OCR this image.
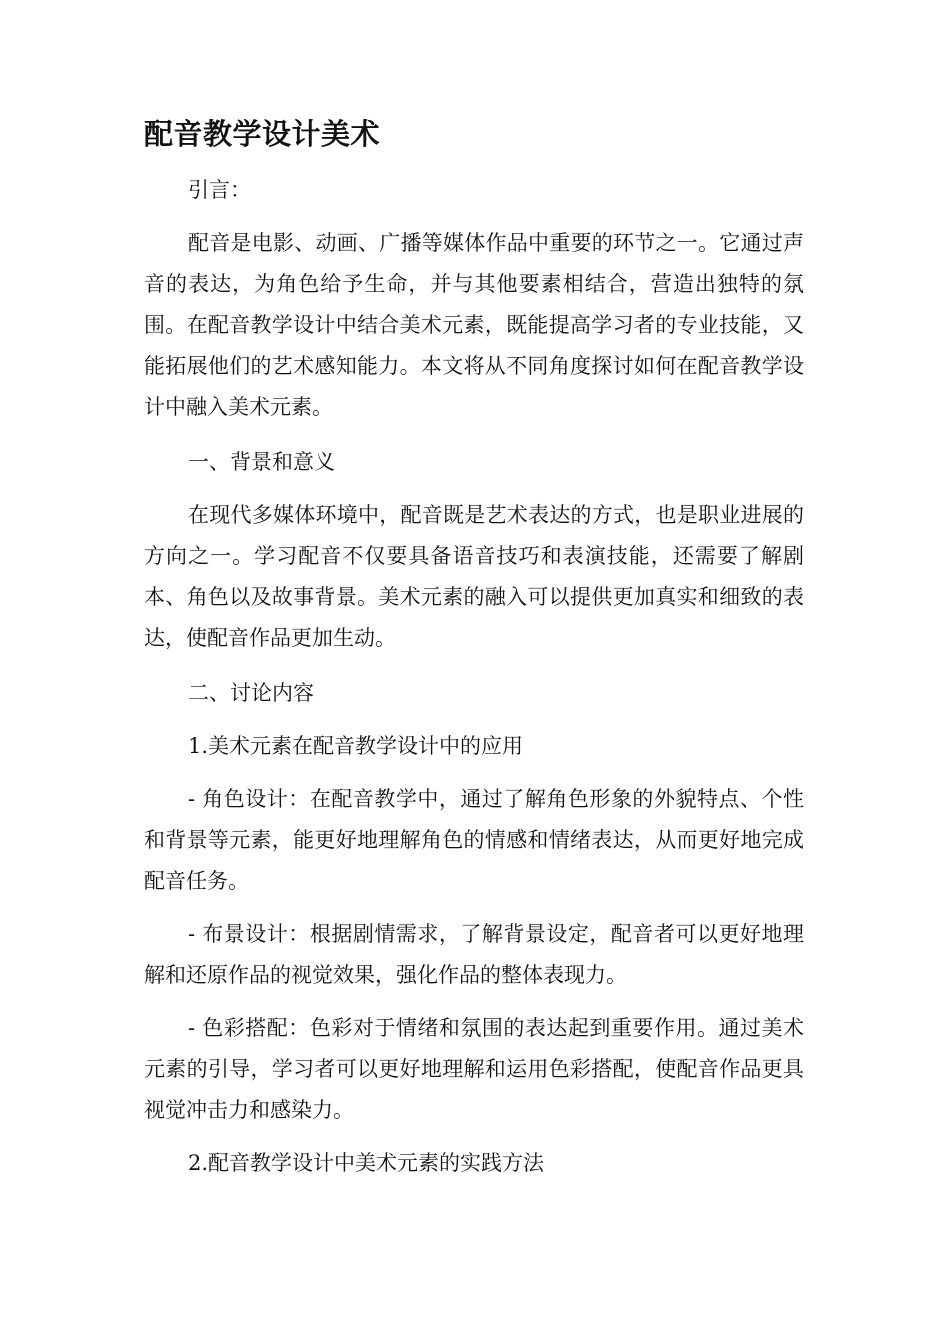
配音教学设计美术

引言：

配音是电影、动画、广播等媒体作品中重要的环节之一。它通过声音的表达，为角色给予生命，并与其他要素相结合，营造出独特的氛围。在配音教学设计中结合美术元素，既能提高学习者的专业技能，又能拓展他们的艺术感知能力。本文将从不同角度探讨如何在配音教学设计中融入美术元素。

一、背景和意义

在现代多媒体环境中，配音既是艺术表达的方式，也是职业进展的方向之一。学习配音不仅要具备语音技巧和表演技能，还需要了解剧本、角色以及故事背景。美术元素的融入可以提供更加真实和细致的表达，使配音作品更加生动。

二、讨论内容

1.美术元素在配音教学设计中的应用

- 角色设计：在配音教学中，通过了解角色形象的外貌特点、个性和背景等元素，能更好地理解角色的情感和情绪表达，从而更好地完成配音任务。

- 布景设计：根据剧情需求，了解背景设定，配音者可以更好地理解和还原作品的视觉效果，强化作品的整体表现力。

- 色彩搭配：色彩对于情绪和氛围的表达起到重要作用。通过美术元素的引导，学习者可以更好地理解和运用色彩搭配，使配音作品更具视觉冲击力和感染力。

2.配音教学设计中美术元素的实践方法
